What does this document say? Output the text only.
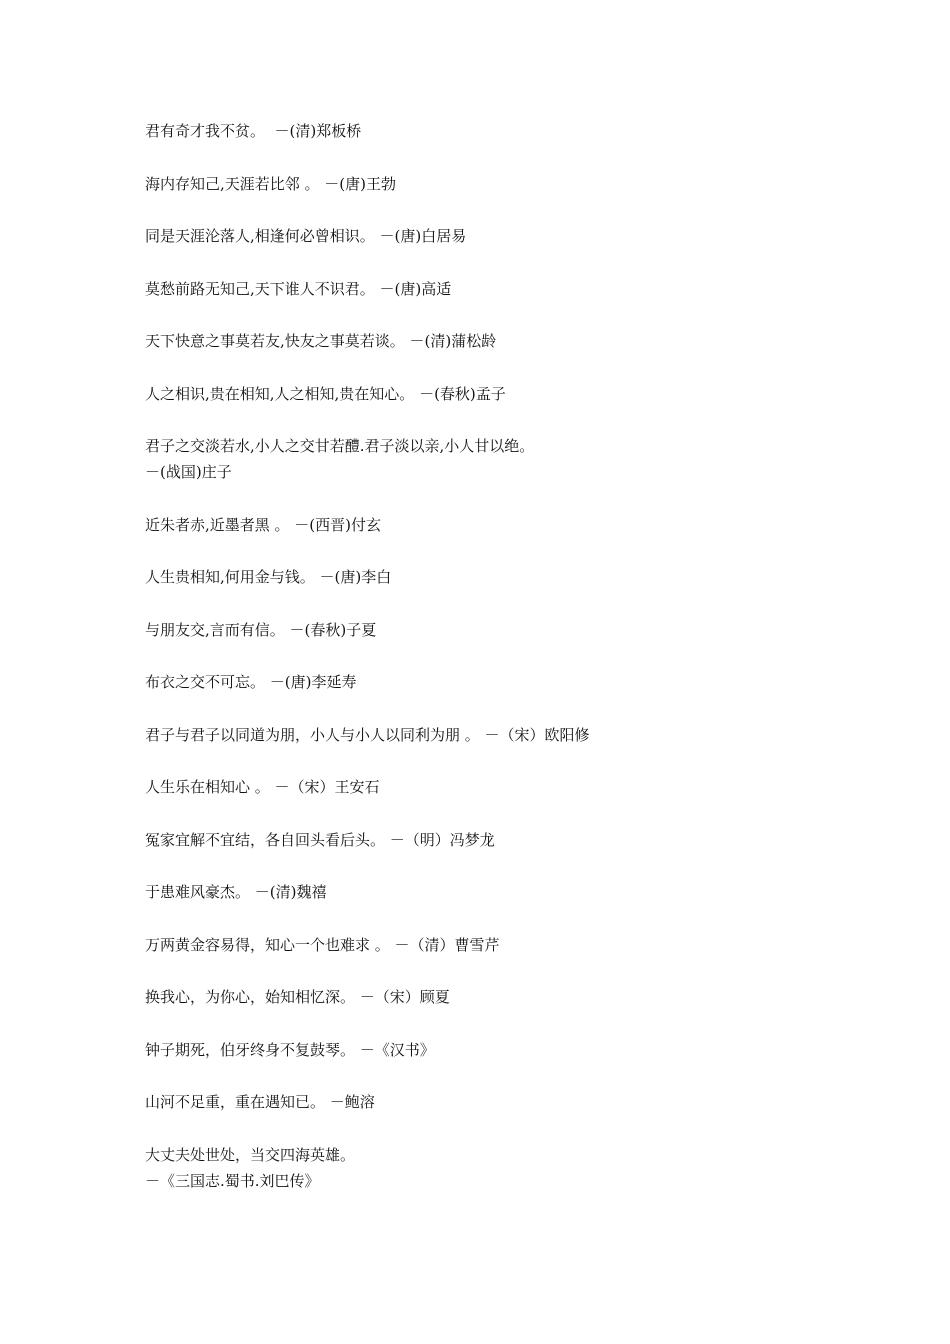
君有奇才我不贫。  －(清)郑板桥

海内存知己,天涯若比邻 。 －(唐)王勃

同是天涯沦落人,相逢何必曾相识。 －(唐)白居易

莫愁前路无知己,天下谁人不识君。 －(唐)高适

天下快意之事莫若友,快友之事莫若谈。 －(清)蒲松龄

人之相识,贵在相知,人之相知,贵在知心。 －(春秋)孟子

君子之交淡若水,小人之交甘若醴.君子淡以亲,小人甘以绝。
－(战国)庄子

近朱者赤,近墨者黑 。 －(西晋)付玄

人生贵相知,何用金与钱。 －(唐)李白

与朋友交,言而有信。 －(春秋)子夏

布衣之交不可忘。 －(唐)李延寿

君子与君子以同道为朋，小人与小人以同利为朋 。 －（宋）欧阳修

人生乐在相知心 。 －（宋）王安石

冤家宜解不宜结，各自回头看后头。 －（明）冯梦龙

于患难风豪杰。 －(清)魏禧

万两黄金容易得，知心一个也难求 。 －（清）曹雪芹

换我心，为你心，始知相忆深。 －（宋）顾夏

钟子期死，伯牙终身不复鼓琴。 －《汉书》

山河不足重，重在遇知已。 －鲍溶

大丈夫处世处，当交四海英雄。
－《三国志.蜀书.刘巴传》
